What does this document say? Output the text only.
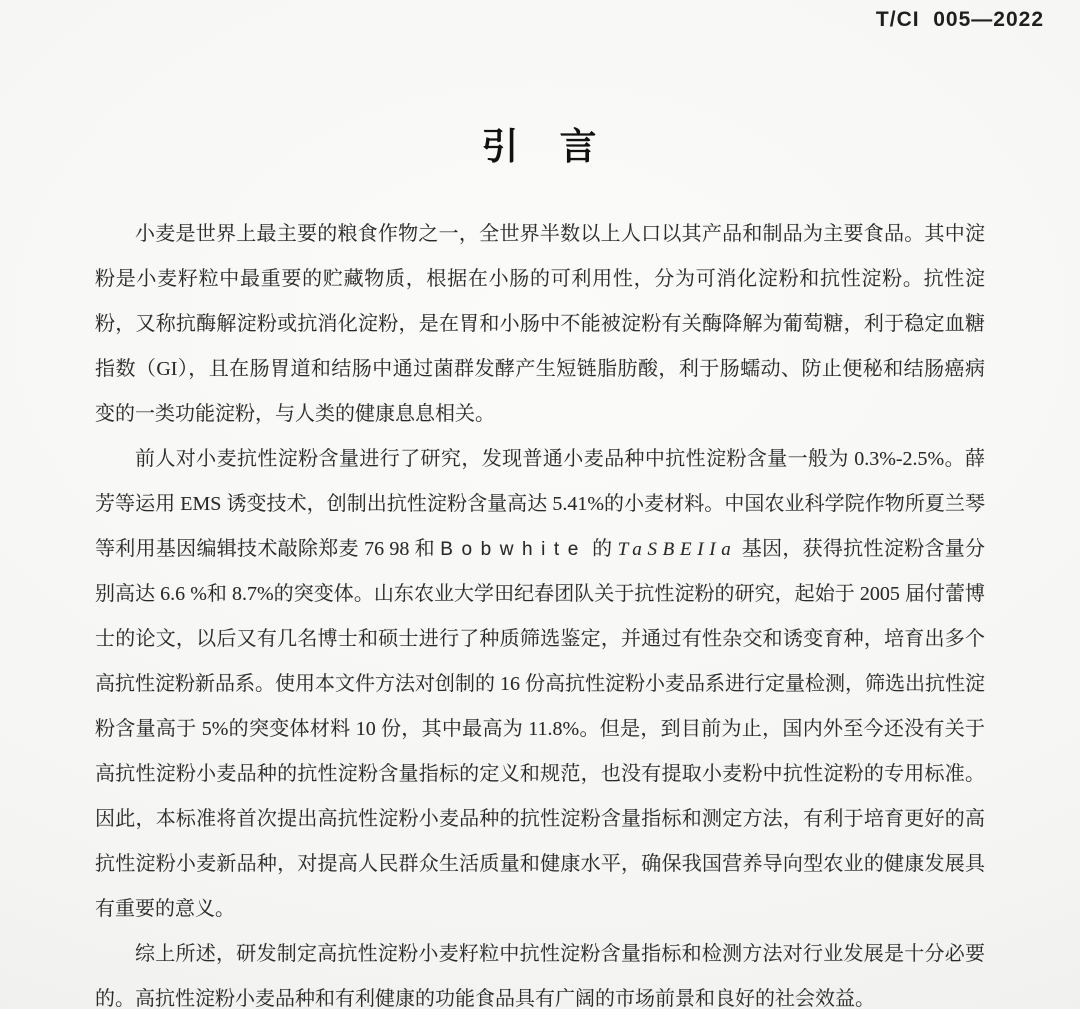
T/CI  005—2022
引　言

小麦是世界上最主要的粮食作物之一，全世界半数以上人口以其产品和制品为主要食品。其中淀粉是小麦籽粒中最重要的贮藏物质，根据在小肠的可利用性，分为可消化淀粉和抗性淀粉。抗性淀粉，又称抗酶解淀粉或抗消化淀粉，是在胃和小肠中不能被淀粉有关酶降解为葡萄糖，利于稳定血糖指数（GI），且在肠胃道和结肠中通过菌群发酵产生短链脂肪酸，利于肠蠕动、防止便秘和结肠癌病变的一类功能淀粉，与人类的健康息息相关。

前人对小麦抗性淀粉含量进行了研究，发现普通小麦品种中抗性淀粉含量一般为 0.3%-2.5%。薛芳等运用 EMS 诱变技术，创制出抗性淀粉含量高达 5.41%的小麦材料。中国农业科学院作物所夏兰琴等利用基因编辑技术敲除郑麦 76 98 和 Bobwhite 的 TaSBEIIa 基因，获得抗性淀粉含量分别高达 6.6 %和 8.7%的突变体。山东农业大学田纪春团队关于抗性淀粉的研究，起始于 2005 届付蕾博士的论文，以后又有几名博士和硕士进行了种质筛选鉴定，并通过有性杂交和诱变育种，培育出多个高抗性淀粉新品系。使用本文件方法对创制的 16 份高抗性淀粉小麦品系进行定量检测，筛选出抗性淀粉含量高于 5%的突变体材料 10 份，其中最高为 11.8%。但是，到目前为止，国内外至今还没有关于高抗性淀粉小麦品种的抗性淀粉含量指标的定义和规范，也没有提取小麦粉中抗性淀粉的专用标准。因此，本标准将首次提出高抗性淀粉小麦品种的抗性淀粉含量指标和测定方法，有利于培育更好的高抗性淀粉小麦新品种，对提高人民群众生活质量和健康水平，确保我国营养导向型农业的健康发展具有重要的意义。

综上所述，研发制定高抗性淀粉小麦籽粒中抗性淀粉含量指标和检测方法对行业发展是十分必要的。高抗性淀粉小麦品种和有利健康的功能食品具有广阔的市场前景和良好的社会效益。
